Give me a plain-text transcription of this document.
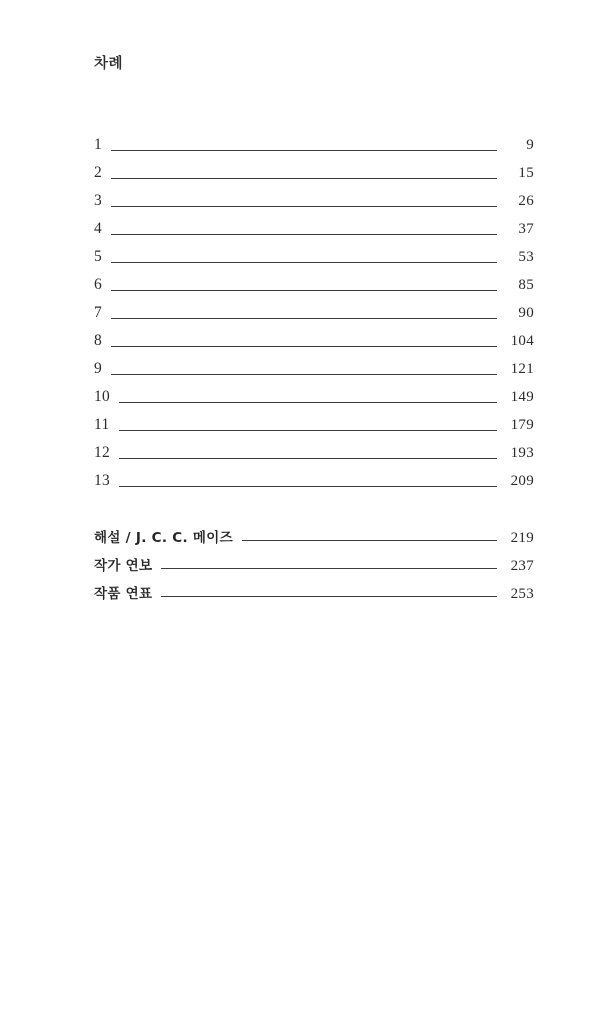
차례
1	9
2	15
3	26
4	37
5	53
6	85
7	90
8	104
9	121
10	149
11	179
12	193
13	209
해설 / J. C. C. 메이즈	219
작가 연보	237
작품 연표	253
